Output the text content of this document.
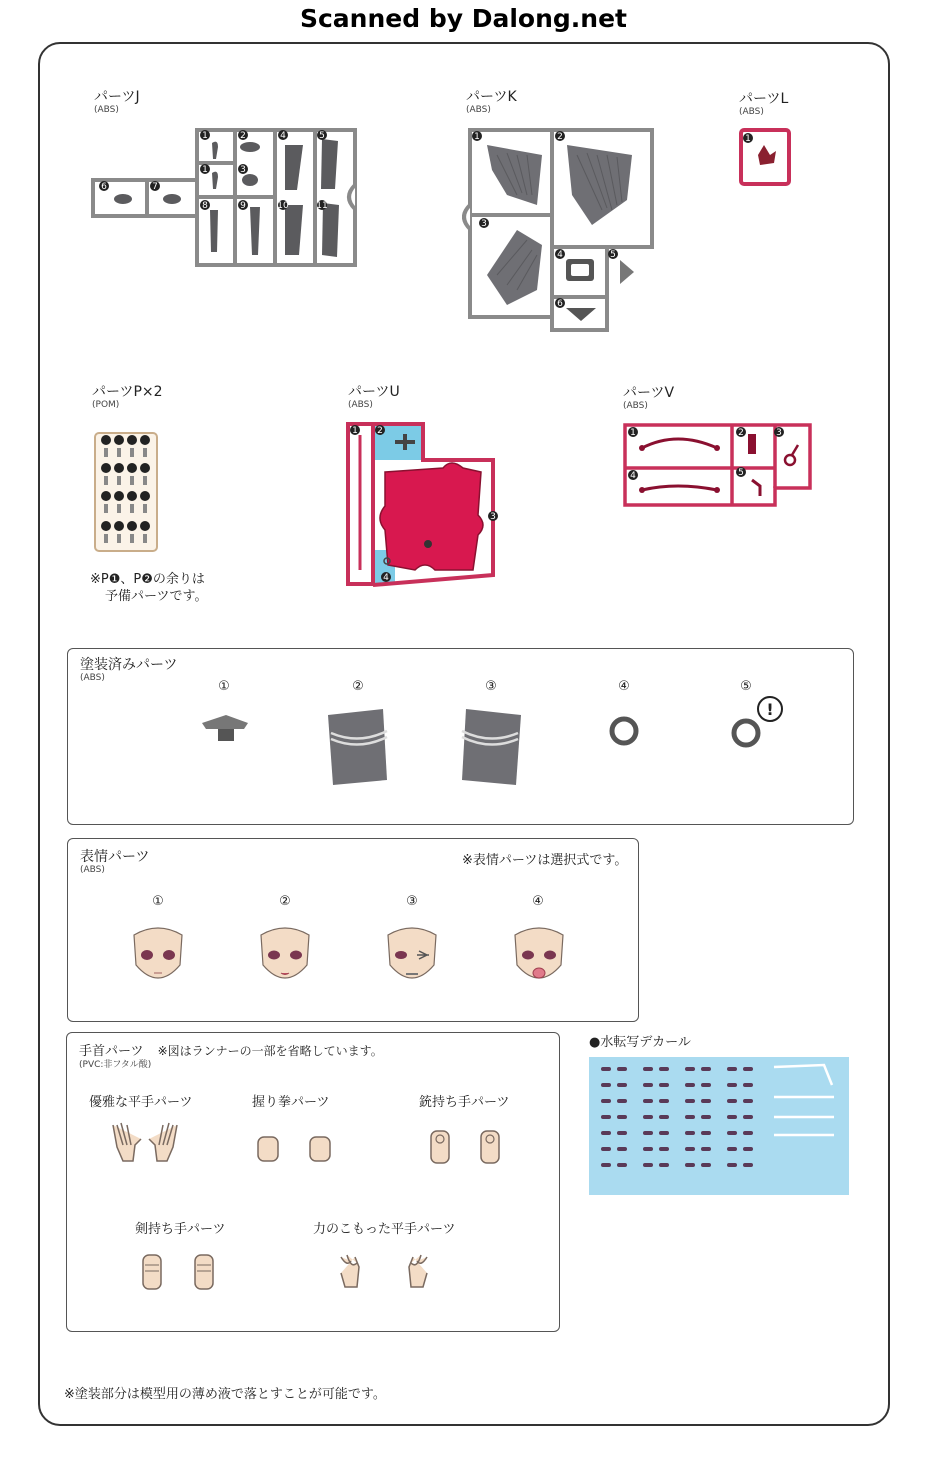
Scanned by Dalong.net
パーツJ
(ABS)
1	2	4	5
1	3
6	7
8	9	10	11
パーツK
(ABS)
1	2
3
4	5
6
パーツL
(ABS)
1
パーツP×2
(POM)
※P❶、P❷の余りは
予備パーツです。
パーツU
(ABS)
1 2
3
4
パーツV
(ABS)
1	2	3
4	5
塗装済みパーツ
(ABS)
①	②	③	④	⑤
!
表情パーツ
(ABS)
※表情パーツは選択式です。
①	②	③	④
手首パーツ ※図はランナーの一部を省略しています。
(PVC:非フタル酸)
優雅な平手パーツ	握り拳パーツ	銃持ち手パーツ
剣持ち手パーツ	力のこもった平手パーツ
●水転写デカール
※塗装部分は模型用の薄め液で落とすことが可能です。
